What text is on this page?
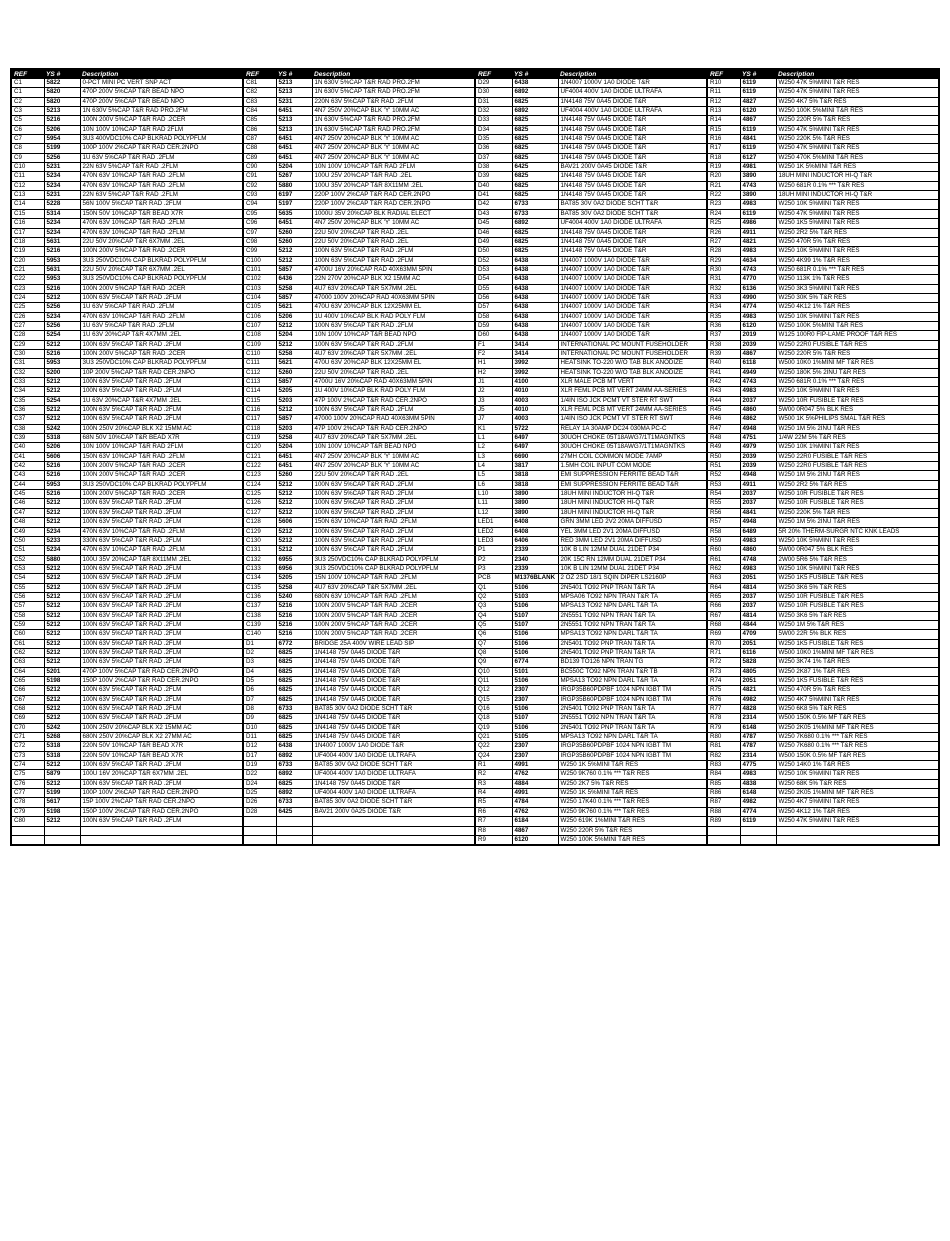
REF	YS #	Description	REF	YS #	Description	REF	YS #	Description	REF	YS #	Description
C1	5822	0-PCT MINI PC VERT SNP ACT	C81	5213	1N 630V 5%CAP T&R RAD PRO.2FM	D29	6438	1N4007 1000V 1A0 DIODE T&R	R10	6119	W250 47K 5%MINI T&R RES
C1	5820	470P 200V 5%CAP T&R BEAD NPO	C82	5213	1N 630V 5%CAP T&R RAD PRO.2FM	D30	6892	UF4004 400V 1A0 DIODE ULTRAFA	R11	6119	W250 47K 5%MINI T&R RES
C2	5820	470P 200V 5%CAP T&R BEAD NPO	C83	5231	220N 63V 5%CAP T&R RAD .2FLM	D31	6825	1N4148 75V 0A45 DIODE T&R	R12	4827	W250 4K7 5% T&R RES
C3	5213	1N 630V 5%CAP T&R RAD PRO.2FM	C84	6451	4N7 250V 20%CAP BLK 'Y' 10MM AC	D32	6892	UF4004 400V 1A0 DIODE ULTRAFA	R13	6120	W250 100K 5%MINI T&R RES
C5	5216	100N 200V 5%CAP T&R RAD .2CER	C85	5213	1N 630V 5%CAP T&R RAD PRO.2FM	D33	6825	1N4148 75V 0A45 DIODE T&R	R14	4867	W250 220R 5% T&R RES
C6	5206	10N 100V 10%CAP T&R RAD 2FLM	C86	5213	1N 630V 5%CAP T&R RAD PRO.2FM	D34	6825	1N4148 75V 0A45 DIODE T&R	R15	6119	W250 47K 5%MINI T&R RES
C7	5954	3U3 400VDC10% CAP BLKRAD POLYPFLM	C87	6451	4N7 250V 20%CAP BLK 'Y' 10MM AC	D35	6825	1N4148 75V 0A45 DIODE T&R	R16	4841	W250 220K 5% T&R RES
C8	5199	100P 100V 2%CAP T&R RAD CER.2NPO	C88	6451	4N7 250V 20%CAP BLK 'Y' 10MM AC	D36	6825	1N4148 75V 0A45 DIODE T&R	R17	6119	W250 47K 5%MINI T&R RES
C9	5256	1U 63V 5%CAP T&R RAD .2FLM	C89	6451	4N7 250V 20%CAP BLK 'Y' 10MM AC	D37	6825	1N4148 75V 0A45 DIODE T&R	R18	6127	W250 470K 5%MINI T&R RES
C10	5231	22N 63V 5%CAP T&R RAD .2FLM	C90	5204	10N 100V 10%CAP T&R RAD 2FLM	D38	6425	BAV21 200V 0A45 DIODE T&R	R19	4981	W250 1K 5%MINI T&R RES
C11	5234	470N 63V 10%CAP T&R RAD .2FLM	C91	5267	100U 25V 20%CAP T&R RAD .2EL	D39	6825	1N4148 75V 0A45 DIODE T&R	R20	3890	18UH MINI INDUCTOR HI-Q T&R
C12	5234	470N 63V 10%CAP T&R RAD .2FLM	C92	5880	100U 35V 20%CAP T&R 8X11MM .2EL	D40	6825	1N4148 75V 0A45 DIODE T&R	R21	4743	W250 681R 0.1% *** T&R RES
C13	5231	22N 63V 5%CAP T&R RAD .2FLM	C93	6197	220P 100V 2%CAP T&R RAD CER.2NPO	D41	6825	1N4148 75V 0A45 DIODE T&R	R22	3890	18UH MINI INDUCTOR HI-Q T&R
C14	5228	56N 100V 5%CAP T&R RAD .2FLM	C94	5197	220P 100V 2%CAP T&R RAD CER.2NPO	D42	6733	BAT85 30V 0A2 DIODE SCHT T&R	R23	4983	W250 10K 5%MINI T&R RES
C15	5314	150N 50V 10%CAP T&R BEAD X7R	C95	5635	1000U 35V 20%CAP BLK RADIAL ELECT	D43	6733	BAT85 30V 0A2 DIODE SCHT T&R	R24	6119	W250 47K 5%MINI T&R RES
C16	5234	470N 63V 10%CAP T&R RAD .2FLM	C96	6451	4N7 250V 20%CAP BLK 'Y' 10MM AC	D45	6892	UF4004 400V 1A0 DIODE ULTRAFA	R25	4986	W250 1K5 5%MINI T&R RES
C17	5234	470N 63V 10%CAP T&R RAD .2FLM	C97	5260	22U 50V 20%CAP T&R RAD .2EL	D46	6825	1N4148 75V 0A45 DIODE T&R	R26	4911	W250 2R2 5% T&R RES
C18	5631	22U 50V 20%CAP T&R 6X7MM .2EL	C98	5260	22U 50V 20%CAP T&R RAD .2EL	D49	6825	1N4148 75V 0A45 DIODE T&R	R27	4821	W250 470R 5% T&R RES
C19	5216	100N 200V 5%CAP T&R RAD .2CER	C99	5212	100N 63V 5%CAP T&R RAD .2FLM	D50	6825	1N4148 75V 0A45 DIODE T&R	R28	4983	W250 10K 5%MINI T&R RES
C20	5953	3U3 250VDC10% CAP BLKRAD POLYPFLM	C100	5212	100N 63V 5%CAP T&R RAD .2FLM	D52	6438	1N4007 1000V 1A0 DIODE T&R	R29	4634	W250 4K99 1% T&R RES
C21	5631	22U 50V 20%CAP T&R 6X7MM .2EL	C101	5857	4700U 16V 20%CAP RAD 40X63MM 5PIN	D53	6438	1N4007 1000V 1A0 DIODE T&R	R30	4743	W250 681R 0.1% *** T&R RES
C22	5953	3U3 250VDC10% CAP BLKRAD POLYPFLM	C102	6436	22N 270V 20%CAP BLK X2 15MM AC	D54	6438	1N4007 1000V 1A0 DIODE T&R	R31	4770	W250 113K 1% T&R RES
C23	5216	100N 200V 5%CAP T&R RAD .2CER	C103	5258	4U7 63V 20%CAP T&R 5X7MM .2EL	D55	6438	1N4007 1000V 1A0 DIODE T&R	R32	6136	W250 3K3 5%MINI T&R RES
C24	5212	100N 63V 5%CAP T&R RAD .2FLM	C104	5857	47000 100V 20%CAP RAD 40X63MM 5PIN	D56	6438	1N4007 1000V 1A0 DIODE T&R	R33	4990	W250 30K 5% T&R RES
C25	5256	1U 63V 5%CAP T&R RAD .2FLM	C105	5621	470U 63V 20%CAP BLK 12X25MM EL	D57	6438	1N4007 1000V 1A0 DIODE T&R	R34	4774	W250 4K12 1% T&R RES
C26	5234	470N 63V 10%CAP T&R RAD .2FLM	C106	5206	1U 400V 10%CAP BLK RAD POLY FLM	D58	6438	1N4007 1000V 1A0 DIODE T&R	R35	4983	W250 10K 5%MINI T&R RES
C27	5256	1U 63V 5%CAP T&R RAD .2FLM	C107	5212	100N 63V 5%CAP T&R RAD .2FLM	D59	6438	1N4007 1000V 1A0 DIODE T&R	R36	6120	W250 100K 5%MINI T&R RES
C28	5254	1U 63V 20%CAP T&R 4X7MM .2EL	C108	5204	10N 100V 10%CAP T&R BEAD NPO	D60	6438	1N4007 1000V 1A0 DIODE T&R	R37	2019	W125 100R0 FIP-LAME PROOF T&R RES
C29	5212	100N 63V 5%CAP T&R RAD .2FLM	C109	5212	100N 63V 5%CAP T&R RAD .2FLM	F1	3414	INTERNATIONAL PC MOUNT FUSEHOLDER	R38	2039	W250 22R0 FUSIBLE T&R RES
C30	5216	100N 200V 5%CAP T&R RAD .2CER	C110	5258	4U7 63V 20%CAP T&R 5X7MM .2EL	F2	3414	INTERNATIONAL PC MOUNT FUSEHOLDER	R39	4867	W250 220R 5% T&R RES
C31	5953	3U3 250VDC10% CAP BLKRAD POLYPFLM	C111	5621	470U 63V 20%CAP BLK 12X25MM EL	H1	3992	HEATSINK TO-220 W/O TAB BLK ANODIZE	R40	6118	W500 10K0 1%MINI MF T&R RES
C32	5200	10P 200V 5%CAP T&R RAD CER.2NPO	C112	5260	22U 50V 20%CAP T&R RAD .2EL	H2	3992	HEATSINK TO-220 W/O TAB BLK ANODIZE	R41	4949	W250 180K 5% 2INU T&R RES
C33	5212	100N 63V 5%CAP T&R RAD .2FLM	C113	5857	4700U 16V 20%CAP RAD 40X63MM 5PIN	J1	4100	XLR MALE PCB MT VERT	R42	4743	W250 681R 0.1% *** T&R RES
C34	5212	100N 63V 5%CAP T&R RAD .2FLM	C114	5205	1U 400V 10%CAP BLK RAD POLY FLM	J2	4010	XLR FEML PCB MT VERT 24MM AA-SERIES	R43	4983	W250 10K 5%MINI T&R RES
C35	5254	1U 63V 20%CAP T&R 4X7MM .2EL	C115	5203	47P 100V 2%CAP T&R RAD CER.2NPO	J3	4003	1/4IN ISO JCK PCMT VT STER RT SWT	R44	2037	W250 10R FUSIBLE T&R RES
C36	5212	100N 63V 5%CAP T&R RAD .2FLM	C116	5212	100N 63V 5%CAP T&R RAD .2FLM	J5	4010	XLR FEML PCB MT VERT 24MM AA-SERIES	R45	4860	5W00 0R047 5% BLK RES
C37	5212	100N 63V 5%CAP T&R RAD .2FLM	C117	5857	47000 100V 20%CAP RAD 40X63MM 5PIN	J7	4003	1/4IN ISO JCK PCMT VT STER RT SWT	R46	4862	W500 1K 5%PHILIPS SMAL T&R RES
C38	5242	100N 250V 20%CAP BLK X2 15MM AC	C118	5203	47P 100V 2%CAP T&R RAD CER.2NPO	K1	5722	RELAY 1A 30AMP DC24 030MA PC-C	R47	4948	W250 1M 5% 2INU T&R RES
C39	5318	68N 50V 10%CAP T&R BEAD X7R	C119	5258	4U7 63V 20%CAP T&R 5X7MM .2EL	L1	6497	30UOH CHOKE 05T18AWG7/1T1MAGNTKS	R48	4751	1/4W 22M 5% T&R RES
C40	5206	10N 100V 10%CAP T&R RAD 2FLM	C120	5204	10N 100V 10%CAP T&R BEAD NPO	L2	6497	30UOH CHOKE 05T18AWG7/1T1MAGNTKS	R49	4979	W250 10K 1%MINI T&R RES
C41	5606	150N 63V 10%CAP T&R RAD .2FLM	C121	6451	4N7 250V 20%CAP BLK 'Y' 10MM AC	L3	6690	27MH COIL COMMON MODE 7AMP	R50	2039	W250 22R0 FUSIBLE T&R RES
C42	5216	100N 200V 5%CAP T&R RAD .2CER	C122	6451	4N7 250V 20%CAP BLK 'Y' 10MM AC	L4	3817	1.5MH COIL INPUT COM MODE	R51	2039	W250 22R0 FUSIBLE T&R RES
C43	5216	100N 200V 5%CAP T&R RAD .2CER	C123	5260	22U 50V 20%CAP T&R RAD .2EL	L5	3818	EMI SUPPRESSION FERRITE BEAD T&R	R52	4948	W250 1M 5% 2INU T&R RES
C44	5953	3U3 250VDC10% CAP BLKRAD POLYPFLM	C124	5212	100N 63V 5%CAP T&R RAD .2FLM	L6	3818	EMI SUPPRESSION FERRITE BEAD T&R	R53	4911	W250 2R2 5% T&R RES
C45	5216	100N 200V 5%CAP T&R RAD .2CER	C125	5212	100N 63V 5%CAP T&R RAD .2FLM	L10	3890	18UH MINI INDUCTOR HI-Q T&R	R54	2037	W250 10R FUSIBLE T&R RES
C46	5212	100N 63V 5%CAP T&R RAD .2FLM	C126	5212	100N 63V 5%CAP T&R RAD .2FLM	L11	3890	18UH MINI INDUCTOR HI-Q T&R	R55	2037	W250 10R FUSIBLE T&R RES
C47	5212	100N 63V 5%CAP T&R RAD .2FLM	C127	5212	100N 63V 5%CAP T&R RAD .2FLM	L12	3890	18UH MINI INDUCTOR HI-Q T&R	R56	4841	W250 220K 5% T&R RES
C48	5212	100N 63V 5%CAP T&R RAD .2FLM	C128	5606	150N 63V 10%CAP T&R RAD .2FLM	LED1	6408	GRN 3MM LED 2V2 20MA DIFFUSD	R57	4948	W250 1M 5% 2INU T&R RES
C49	5234	470N 63V 10%CAP T&R RAD .2FLM	C129	5212	100N 63V 5%CAP T&R RAD .2FLM	LED2	6408	YEL 3MM LED 2V1 20MA DIFFUSD	R58	6489	5R 20% THERM-SURGR NTC KNK LEADS
C50	5233	330N 63V 5%CAP T&R RAD .2FLM	C130	5212	100N 63V 5%CAP T&R RAD .2FLM	LED3	6406	RED 3MM LED 2V1 20MA DIFFUSD	R59	4983	W250 10K 5%MINI T&R RES
C51	5234	470N 63V 10%CAP T&R RAD .2FLM	C131	5212	100N 63V 5%CAP T&R RAD .2FLM	P1	2339	10K B LIN 12MM DUAL 21DET P34	R60	4860	5W00 0R047 5% BLK RES
C52	5880	100U 35V 20%CAP T&R 8X11MM .2EL	C132	6955	3U3 250VDC10% CAP BLKRAD POLYPFLM	P2	2340	20K 15C RN 12MM DUAL 21DET P34	R61	4748	2W00 5R6 5% T&R RES
C53	5212	100N 63V 5%CAP T&R RAD .2FLM	C133	6956	3U3 250VDC10% CAP BLKRAD POLYPFLM	P3	2339	10K B LIN 12MM DUAL 21DET P34	R62	4983	W250 10K 5%MINI T&R RES
C54	5212	100N 63V 5%CAP T&R RAD .2FLM	C134	5205	15N 100V 10%CAP T&R RAD .2FLM	PCB	M1376BLANK	2 OZ 2SD 18/1 SQIN DIPER LS2160P	R63	2051	W250 1K5 FUSIBLE T&R RES
C55	5212	100N 63V 5%CAP T&R RAD .2FLM	C135	5258	4U7 63V 20%CAP T&R 5X7MM .2EL	Q1	5106	2N5401 TO92 PNP TRAN T&R TA	R64	4814	W250 3K6 5% T&R RES
C56	5212	100N 63V 5%CAP T&R RAD .2FLM	C136	5240	680N 63V 10%CAP T&R RAD .2FLM	Q2	5103	MPSA06 TO92 NPN TRAN T&R TA	R65	2037	W250 10R FUSIBLE T&R RES
C57	5212	100N 63V 5%CAP T&R RAD .2FLM	C137	5216	100N 200V 5%CAP T&R RAD .2CER	Q3	5106	MPSA13 TO92 NPN DARL T&R TA	R66	2037	W250 10R FUSIBLE T&R RES
C58	5212	100N 63V 5%CAP T&R RAD .2FLM	C138	5216	100N 200V 5%CAP T&R RAD .2CER	Q4	5107	2N5551 TO92 NPN TRAN T&R TA	R67	4814	W250 3K6 5% T&R RES
C59	5212	100N 63V 5%CAP T&R RAD .2FLM	C139	5216	100N 200V 5%CAP T&R RAD .2CER	Q5	5107	2N5551 TO92 NPN TRAN T&R TA	R68	4844	W250 1M 5% T&R RES
C60	5212	100N 63V 5%CAP T&R RAD .2FLM	C140	5216	100N 200V 5%CAP T&R RAD .2CER	Q6	5106	MPSA13 TO92 NPN DARL T&R TA	R69	4709	5W00 22R 5% BLK RES
C61	5212	100N 63V 5%CAP T&R RAD .2FLM	D1	6772	BRIDGE 25A 400V WIRE LEAD SIP	Q7	5106	2N5401 TO92 PNP TRAN T&R TA	R70	2051	W250 1K5 FUSIBLE T&R RES
C62	5212	100N 63V 5%CAP T&R RAD .2FLM	D2	6825	1N4148 75V 0A45 DIODE T&R	Q8	5106	2N5401 TO92 PNP TRAN T&R TA	R71	6116	W500 10K0 1%MINI MF T&R RES
C63	5212	100N 63V 5%CAP T&R RAD .2FLM	D3	6825	1N4148 75V 0A45 DIODE T&R	Q9	6774	BD139 TO126 NPN TRAN TG	R72	5828	W250 3K74 1% T&R RES
C64	5201	470P 100V 5%CAP T&R RAD CER.2NPO	D4	6825	1N4148 75V 0A45 DIODE T&R	Q10	5101	BC550C TO92 NPN TRAN T&R TB	R73	4805	W250 2K87 1% T&R RES
C65	5198	150P 100V 2%CAP T&R RAD CER.2NPO	D5	6825	1N4148 75V 0A45 DIODE T&R	Q11	5106	MPSA13 TO92 NPN DARL T&R TA	R74	2051	W250 1K5 FUSIBLE T&R RES
C66	5212	100N 63V 5%CAP T&R RAD .2FLM	D6	6825	1N4148 75V 0A45 DIODE T&R	Q12	2307	IRGP35B60PDPBF 1024 NPN IGBT TM	R75	4821	W250 470R 5% T&R RES
C67	5212	100N 63V 5%CAP T&R RAD .2FLM	D7	6825	1N4148 75V 0A45 DIODE T&R	Q15	2307	IRGP35B60PDPBF 1024 NPN IGBT TM	R76	4982	W250 4K7 5%MINI T&R RES
C68	5212	100N 63V 5%CAP T&R RAD .2FLM	D8	6733	BAT85 30V 0A2 DIODE SCHT T&R	Q16	5106	2N5401 TO92 PNP TRAN T&R TA	R77	4828	W250 6K8 5% T&R RES
C69	5212	100N 63V 5%CAP T&R RAD .2FLM	D9	6825	1N4148 75V 0A45 DIODE T&R	Q18	5107	2N5551 TO92 NPN TRAN T&R TA	R78	2314	W500 150K 0.5% MF T&R RES
C70	5242	100N 250V 20%CAP BLK X2 15MM AC	D10	6825	1N4148 75V 0A45 DIODE T&R	Q19	5106	2N5401 TO92 PNP TRAN T&R TA	R79	6148	W250 2K05 1%MINI MF T&R RES
C71	5268	680N 250V 20%CAP BLK X2 27MM AC	D11	6825	1N4148 75V 0A45 DIODE T&R	Q21	5105	MPSA13 TO92 NPN DARL T&R TA	R80	4787	W250 7K680 0.1% *** T&R RES
C72	5318	220N 50V 10%CAP T&R BEAD X7R	D12	6438	1N4007 1000V 1A0 DIODE T&R	Q22	2307	IRGP35B60PDPBF 1024 NPN IGBT TM	R81	4787	W250 7K680 0.1% *** T&R RES
C73	5318	220N 50V 10%CAP T&R BEAD X7R	D17	6892	UF4004 400V 1A0 DIODE ULTRAFA	Q24	2307	IRGP35B60PDPBF 1024 NPN IGBT TM	R82	2314	W500 150K 0.5% MF T&R RES
C74	5212	100N 63V 5%CAP T&R RAD .2FLM	D19	6733	BAT85 30V 0A2 DIODE SCHT T&R	R1	4991	W250 1K 5%MINI T&R RES	R83	4775	W250 14K0 1% T&R RES
C75	5879	100U 16V 20%CAP T&R 6X7MM .2EL	D22	6892	UF4004 400V 1A0 DIODE ULTRAFA	R2	4762	W250 9K760 0.1% *** T&R RES	R84	4983	W250 10K 5%MINI T&R RES
C76	5212	100N 63V 5%CAP T&R RAD .2FLM	D24	6825	1N4148 75V 0A45 DIODE T&R	R3	4884	W250 2K7 5% T&R RES	R85	4838	W250 68K 5% T&R RES
C77	5199	100P 100V 2%CAP T&R RAD CER.2NPO	D25	6892	UF4004 400V 1A0 DIODE ULTRAFA	R4	4991	W250 1K 5%MINI T&R RES	R86	6148	W250 2K05 1%MINI MF T&R RES
C78	5617	15P 100V 2%CAP T&R RAD CER.2NPO	D26	6733	BAT85 30V 0A2 DIODE SCHT T&R	R5	4784	W250 17K40 0.1% *** T&R RES	R87	4982	W250 4K7 5%MINI T&R RES
C79	5198	150P 100V 2%CAP T&R RAD CER.2NPO	D28	6425	BAV21 200V 0A25 DIODE T&R	R6	4762	W250 9K760 0.1% *** T&R RES	R88	4774	W250 4K12 1% T&R RES
C80	5212	100N 63V 5%CAP T&R RAD .2FLM				R7	6184	W250 619K 1%MINI T&R RES	R89	6119	W250 47K 5%MINI T&R RES
						R8	4867	W250 220R 5% T&R RES			
						R9	6120	W250 100K 5%MINI T&R RES			
